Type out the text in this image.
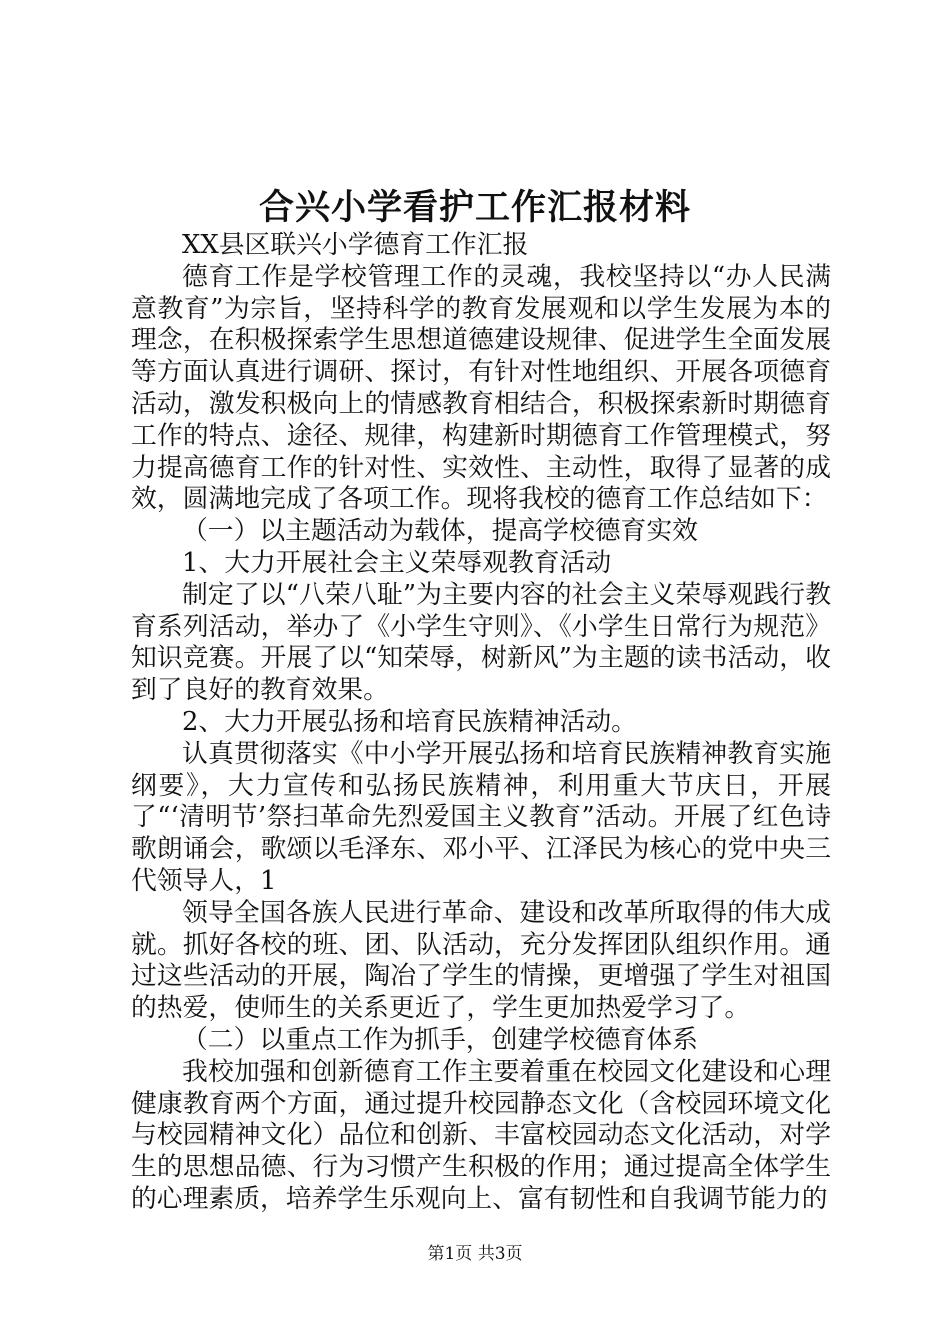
合兴小学看护工作汇报材料

XX县区联兴小学德育工作汇报

德育工作是学校管理工作的灵魂，我校坚持以“办人民满意教育”为宗旨，坚持科学的教育发展观和以学生发展为本的理念，在积极探索学生思想道德建设规律、促进学生全面发展等方面认真进行调研、探讨，有针对性地组织、开展各项德育活动，激发积极向上的情感教育相结合，积极探索新时期德育工作的特点、途径、规律，构建新时期德育工作管理模式，努力提高德育工作的针对性、实效性、主动性，取得了显著的成效，圆满地完成了各项工作。现将我校的德育工作总结如下：

（一）以主题活动为载体，提高学校德育实效

1、大力开展社会主义荣辱观教育活动

制定了以“八荣八耻”为主要内容的社会主义荣辱观践行教育系列活动，举办了《小学生守则》、《小学生日常行为规范》知识竞赛。开展了以“知荣辱，树新风”为主题的读书活动，收到了良好的教育效果。

2、大力开展弘扬和培育民族精神活动。

认真贯彻落实《中小学开展弘扬和培育民族精神教育实施纲要》，大力宣传和弘扬民族精神，利用重大节庆日，开展了“‘清明节’祭扫革命先烈爱国主义教育”活动。开展了红色诗歌朗诵会，歌颂以毛泽东、邓小平、江泽民为核心的党中央三代领导人，1

领导全国各族人民进行革命、建设和改革所取得的伟大成就。抓好各校的班、团、队活动，充分发挥团队组织作用。通过这些活动的开展，陶冶了学生的情操，更增强了学生对祖国的热爱，使师生的关系更近了，学生更加热爱学习了。

（二）以重点工作为抓手，创建学校德育体系

我校加强和创新德育工作主要着重在校园文化建设和心理健康教育两个方面，通过提升校园静态文化（含校园环境文化与校园精神文化）品位和创新、丰富校园动态文化活动，对学生的思想品德、行为习惯产生积极的作用；通过提高全体学生的心理素质，培养学生乐观向上、富有韧性和自我调节能力的

第1页 共3页
